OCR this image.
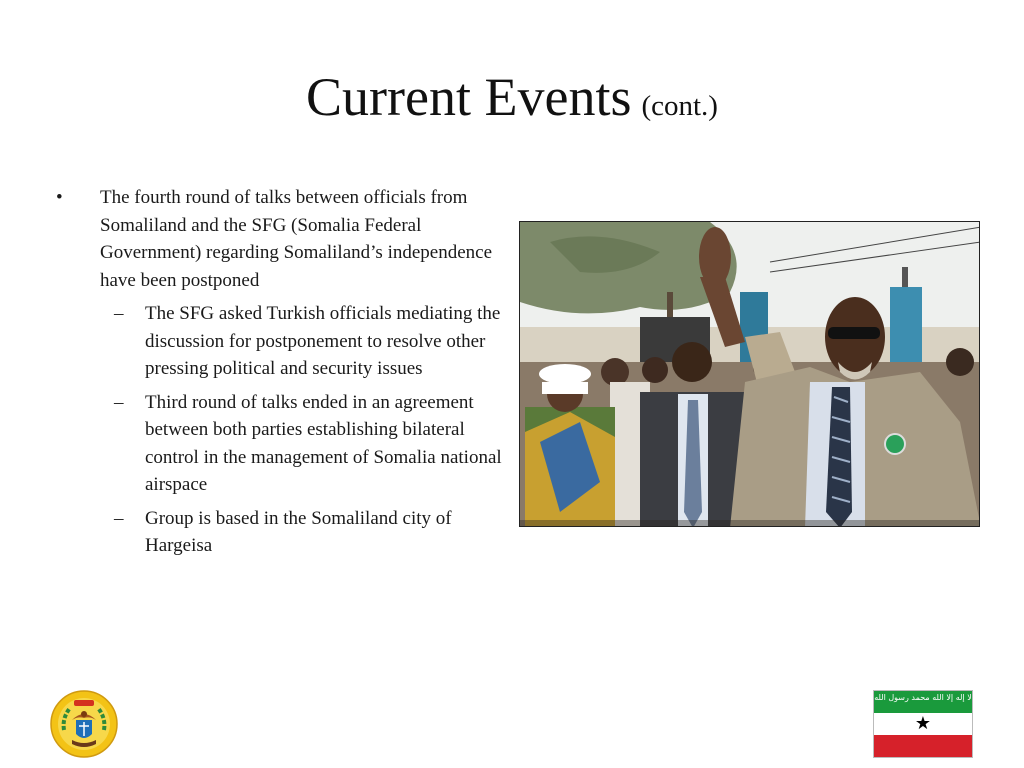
Current Events (cont.)
• The fourth round of talks between officials from Somaliland and the SFG (Somalia Federal Government) regarding Somaliland’s independence have been postponed
– The SFG asked Turkish officials mediating the discussion for postponement to resolve other pressing political and security issues
– Third round of talks ended in an agreement between both parties establishing bilateral control in the management of Somalia national airspace
– Group is based in the Somaliland city of Hargeisa
لا إله إلا الله محمد رسول الله
★
